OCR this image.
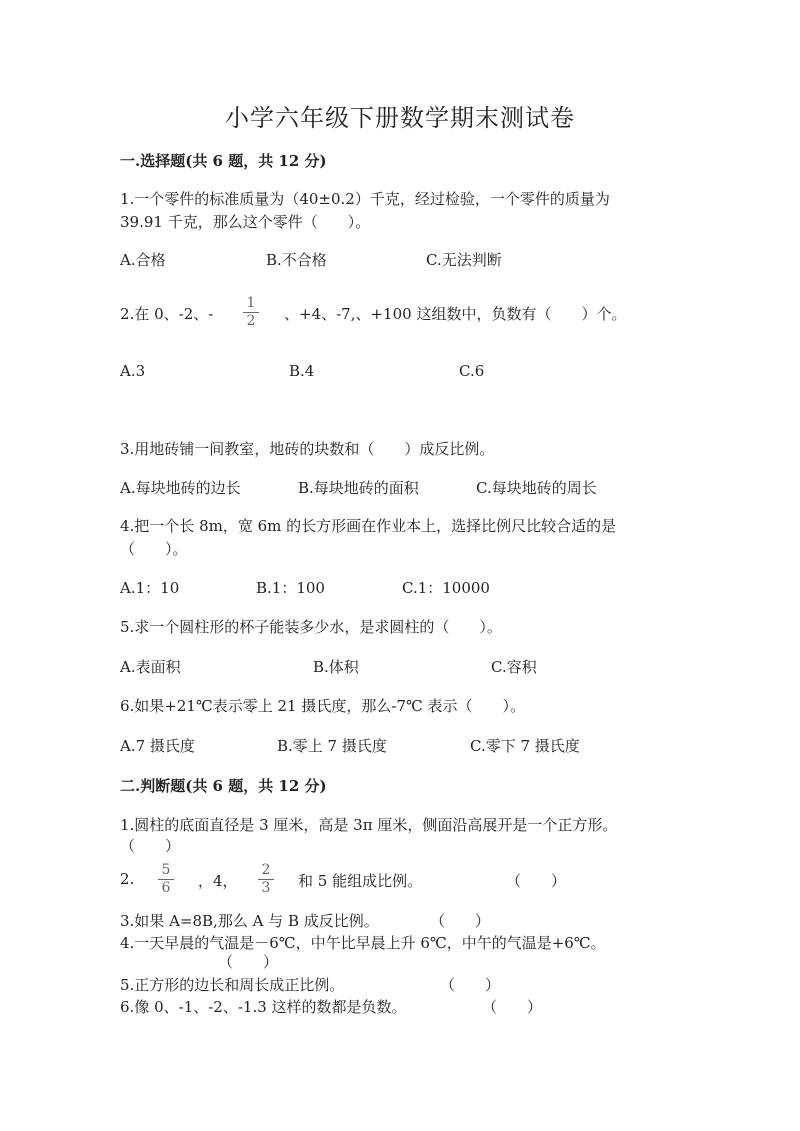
小学六年级下册数学期末测试卷
一.选择题(共 6 题，共 12 分)
1.一个零件的标准质量为（40±0.2）千克，经过检验，一个零件的质量为
39.91 千克，那么这个零件（　　）。
A.合格	B.不合格	C.无法判断
2.在 0、-2、-
1
2	、+4、-7,、+100 这组数中，负数有（　　）个。
A.3	B.4	C.6
3.用地砖铺一间教室，地砖的块数和（　　）成反比例。
A.每块地砖的边长	B.每块地砖的面积	C.每块地砖的周长
4.把一个长 8m，宽 6m 的长方形画在作业本上，选择比例尺比较合适的是
（　　）。
A.1：10	B.1：100	C.1：10000
5.求一个圆柱形的杯子能装多少水，是求圆柱的（　　）。
A.表面积	B.体积	C.容积
6.如果+21℃表示零上 21 摄氏度，那么-7℃ 表示（　　）。
A.7 摄氏度	B.零上 7 摄氏度	C.零下 7 摄氏度
二.判断题(共 6 题，共 12 分)
1.圆柱的底面直径是 3 厘米，高是 3π 厘米，侧面沿高展开是一个正方形。
（　　）
2.	5
6	，4，
2
3	和 5 能组成比例。	（　　）
3.如果 A=8B,那么 A 与 B 成反比例。	（　　）
4.一天早晨的气温是－6℃，中午比早晨上升 6℃，中午的气温是+6℃。
（　　）
5.正方形的边长和周长成正比例。	（　　）
6.像 0、-1、-2、-1.3 这样的数都是负数。	（　　）
